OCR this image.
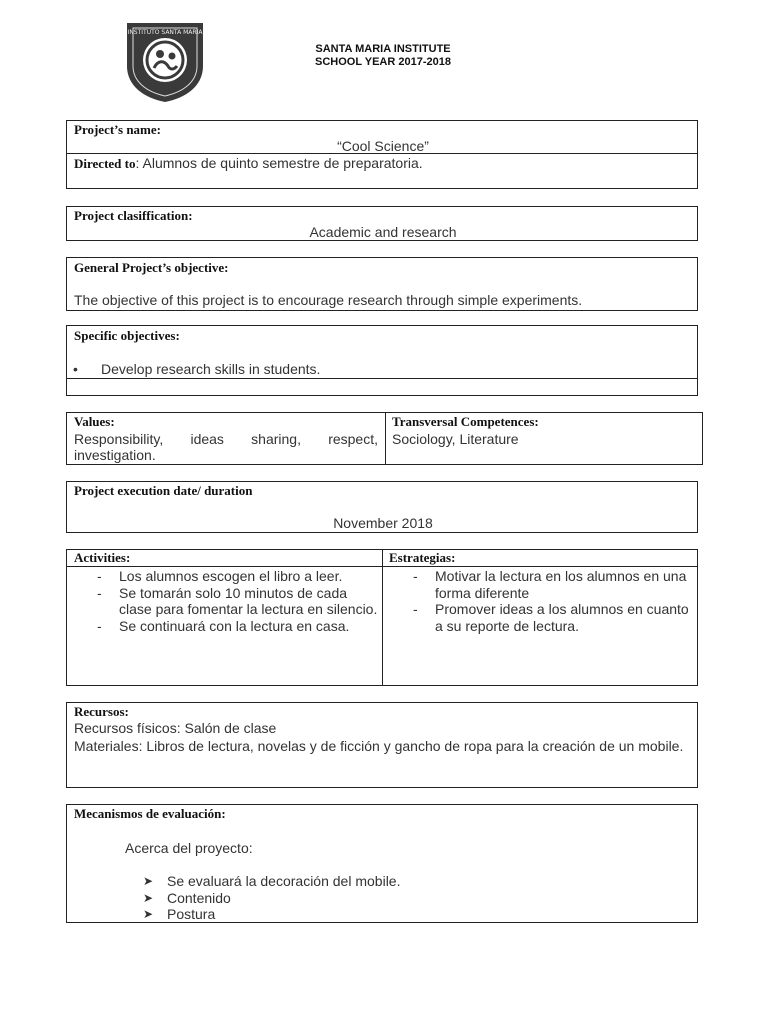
INSTITUTO SANTA MARIA
SANTA MARIA INSTITUTE
SCHOOL YEAR 2017-2018
Project’s name:
“Cool Science”
Directed to: Alumnos de quinto semestre de preparatoria.
Project clasiffication:
Academic and research
General Project’s objective:
The objective of this project is to encourage research through simple experiments.
Specific objectives:
• Develop research skills in students.
Values:
Responsibility, ideas sharing, respect, investigation.
Transversal Competences:
Sociology, Literature
Project execution date/ duration
November 2018
Activities:	Estrategias:
- Los alumnos escogen el libro a leer.
- Se tomarán solo 10 minutos de cada clase para fomentar la lectura en silencio.
- Se continuará con la lectura en casa.
- Motivar la lectura en los alumnos en una forma diferente
- Promover ideas a los alumnos en cuanto a su reporte de lectura.
Recursos:
Recursos físicos: Salón de clase
Materiales: Libros de lectura, novelas y de ficción y gancho de ropa para la creación de un mobile.
Mecanismos de evaluación:
Acerca del proyecto:
➤ Se evaluará la decoración del mobile.
➤ Contenido
➤ Postura
